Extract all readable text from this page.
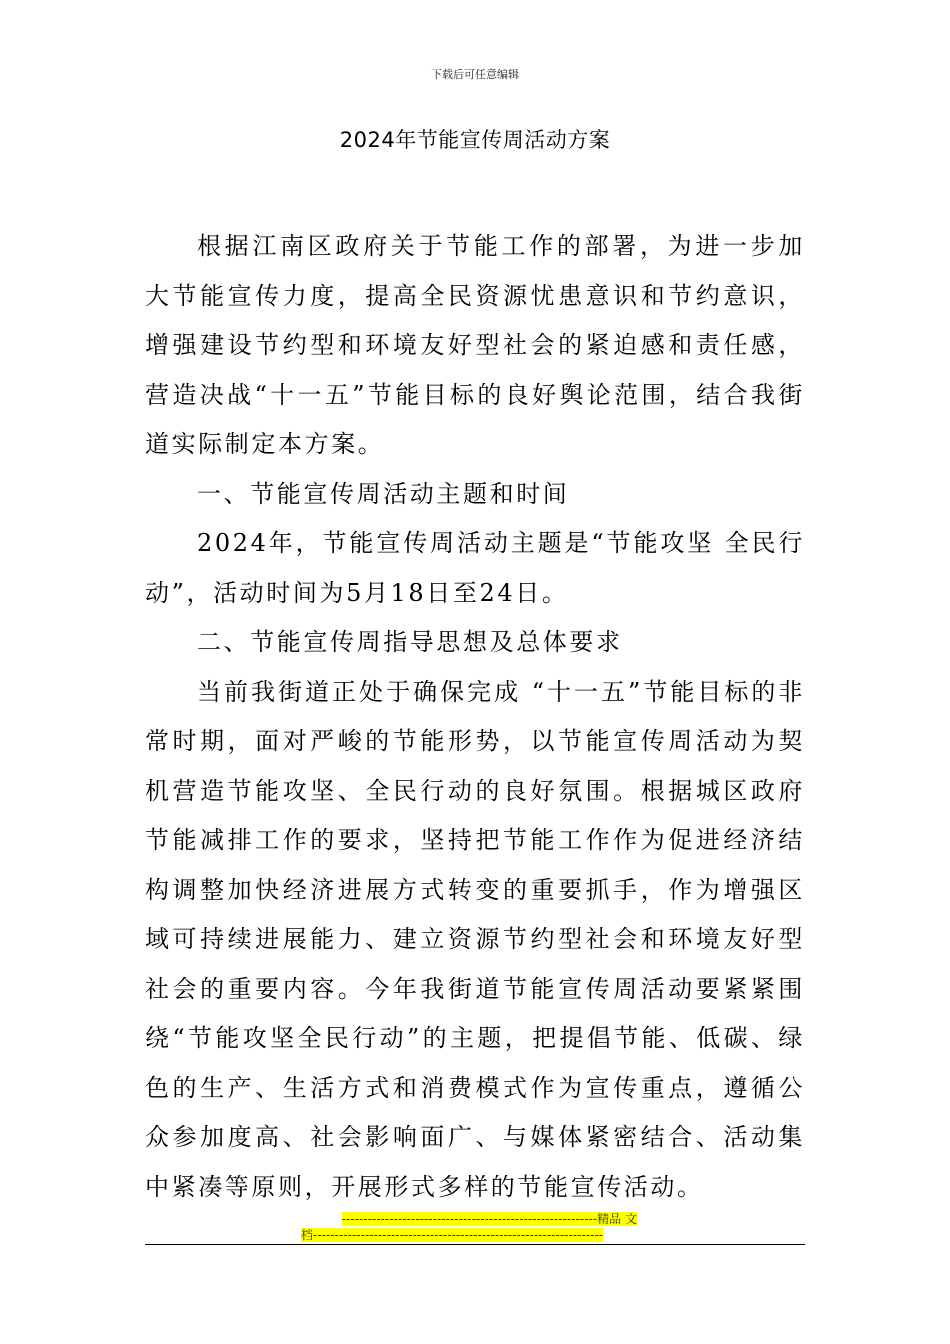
下载后可任意编辑
2024年节能宣传周活动方案

根据江南区政府关于节能工作的部署，为进一步加大节能宣传力度，提高全民资源忧患意识和节约意识，增强建设节约型和环境友好型社会的紧迫感和责任感，营造决战“十一五”节能目标的良好舆论范围，结合我街道实际制定本方案。

一、节能宣传周活动主题和时间

2024年，节能宣传周活动主题是“节能攻坚 全民行动”，活动时间为5月18日至24日。

二、节能宣传周指导思想及总体要求

当前我街道正处于确保完成 “十一五”节能目标的非常时期，面对严峻的节能形势，以节能宣传周活动为契机营造节能攻坚、全民行动的良好氛围。根据城区政府节能减排工作的要求，坚持把节能工作作为促进经济结构调整加快经济进展方式转变的重要抓手，作为增强区域可持续进展能力、建立资源节约型社会和环境友好型社会的重要内容。今年我街道节能宣传周活动要紧紧围绕“节能攻坚全民行动”的主题，把提倡节能、低碳、绿色的生产、生活方式和消费模式作为宣传重点，遵循公众参加度高、社会影响面广、与媒体紧密结合、活动集中紧凑等原则，开展形式多样的节能宣传活动。

-----------------------------------------------------------精品 文
档-------------------------------------------------------------------
